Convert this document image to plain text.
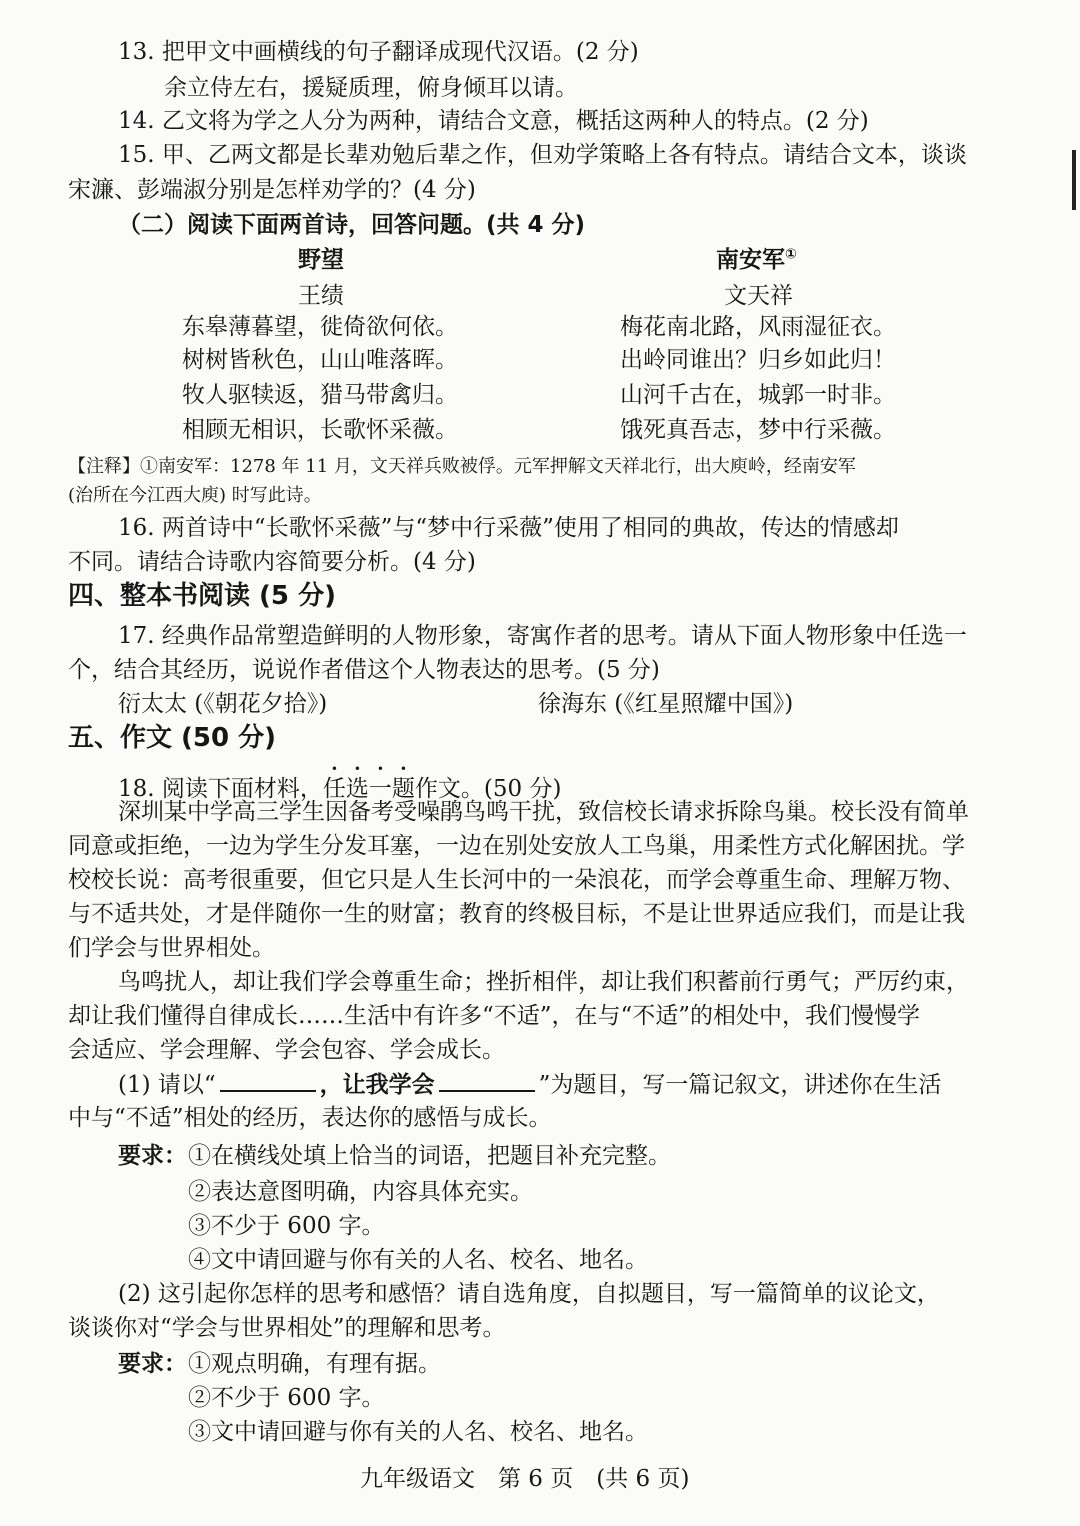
13. 把甲文中画横线的句子翻译成现代汉语。(2 分)
余立侍左右，援疑质理，俯身倾耳以请。
14. 乙文将为学之人分为两种，请结合文意，概括这两种人的特点。(2 分)
15. 甲、乙两文都是长辈劝勉后辈之作，但劝学策略上各有特点。请结合文本，谈谈
宋濂、彭端淑分别是怎样劝学的？(4 分)
（二）阅读下面两首诗，回答问题。(共 4 分)
野望
王绩
东皋薄暮望，徙倚欲何依。
树树皆秋色，山山唯落晖。
牧人驱犊返，猎马带禽归。
相顾无相识，长歌怀采薇。
南安军①
文天祥
梅花南北路，风雨湿征衣。
出岭同谁出？归乡如此归！
山河千古在，城郭一时非。
饿死真吾志，梦中行采薇。
【注释】①南安军：1278 年 11 月，文天祥兵败被俘。元军押解文天祥北行，出大庾岭，经南安军
(治所在今江西大庾) 时写此诗。
16. 两首诗中“长歌怀采薇”与“梦中行采薇”使用了相同的典故，传达的情感却
不同。请结合诗歌内容简要分析。(4 分)
四、整本书阅读 (5 分)
17. 经典作品常塑造鲜明的人物形象，寄寓作者的思考。请从下面人物形象中任选一
个，结合其经历，说说作者借这个人物表达的思考。(5 分)
衍太太 (《朝花夕拾》)	徐海东 (《红星照耀中国》)
五、作文 (50 分)
18. 阅读下面材料，任选一题作文。(50 分)
深圳某中学高三学生因备考受噪鹃鸟鸣干扰，致信校长请求拆除鸟巢。校长没有简单
同意或拒绝，一边为学生分发耳塞，一边在别处安放人工鸟巢，用柔性方式化解困扰。学
校校长说：高考很重要，但它只是人生长河中的一朵浪花，而学会尊重生命、理解万物、
与不适共处，才是伴随你一生的财富；教育的终极目标，不是让世界适应我们，而是让我
们学会与世界相处。
鸟鸣扰人，却让我们学会尊重生命；挫折相伴，却让我们积蓄前行勇气；严厉约束，
却让我们懂得自律成长……生活中有许多“不适”，在与“不适”的相处中，我们慢慢学
会适应、学会理解、学会包容、学会成长。
(1) 请以“	，让我学会	”为题目，写一篇记叙文，讲述你在生活
中与“不适”相处的经历，表达你的感悟与成长。
要求： ①在横线处填上恰当的词语，把题目补充完整。
②表达意图明确，内容具体充实。
③不少于 600 字。
④文中请回避与你有关的人名、校名、地名。
(2) 这引起你怎样的思考和感悟？请自选角度，自拟题目，写一篇简单的议论文，
谈谈你对“学会与世界相处”的理解和思考。
要求： ①观点明确，有理有据。
②不少于 600 字。
③文中请回避与你有关的人名、校名、地名。
九年级语文　第 6 页　(共 6 页)
